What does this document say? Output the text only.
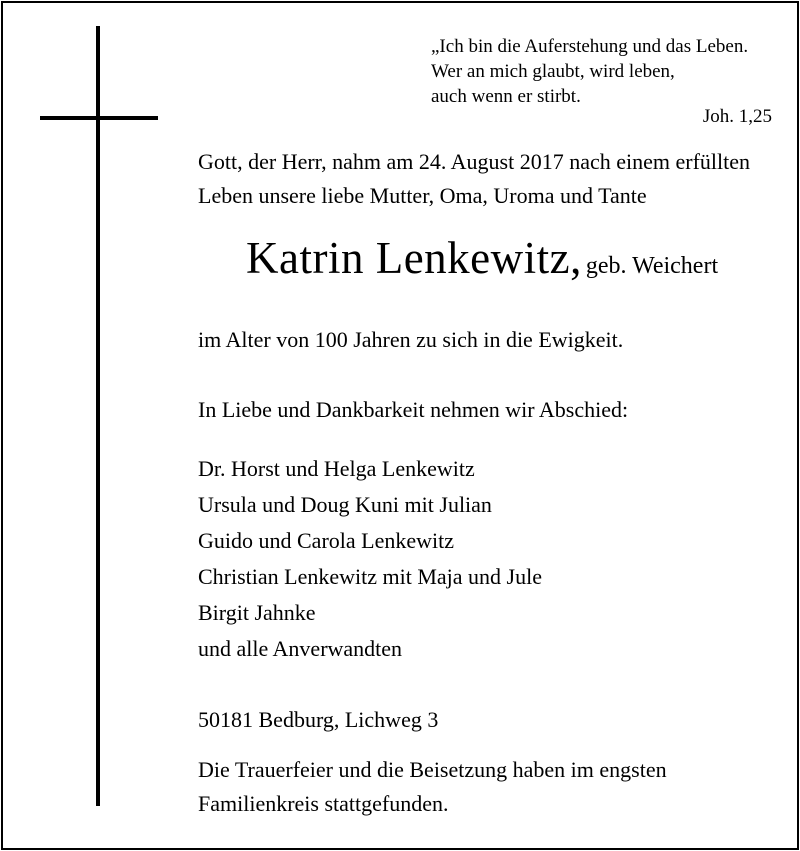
„Ich bin die Auferstehung und das Leben.
Wer an mich glaubt, wird leben,
auch wenn er stirbt.
Joh. 1,25
Gott, der Herr, nahm am 24. August 2017 nach einem erfüllten
Leben unsere liebe Mutter, Oma, Uroma und Tante
Katrin Lenkewitz, geb. Weichert
im Alter von 100 Jahren zu sich in die Ewigkeit.
In Liebe und Dankbarkeit nehmen wir Abschied:
Dr. Horst und Helga Lenkewitz
Ursula und Doug Kuni mit Julian
Guido und Carola Lenkewitz
Christian Lenkewitz mit Maja und Jule
Birgit Jahnke
und alle Anverwandten
50181 Bedburg, Lichweg 3
Die Trauerfeier und die Beisetzung haben im engsten
Familienkreis stattgefunden.
